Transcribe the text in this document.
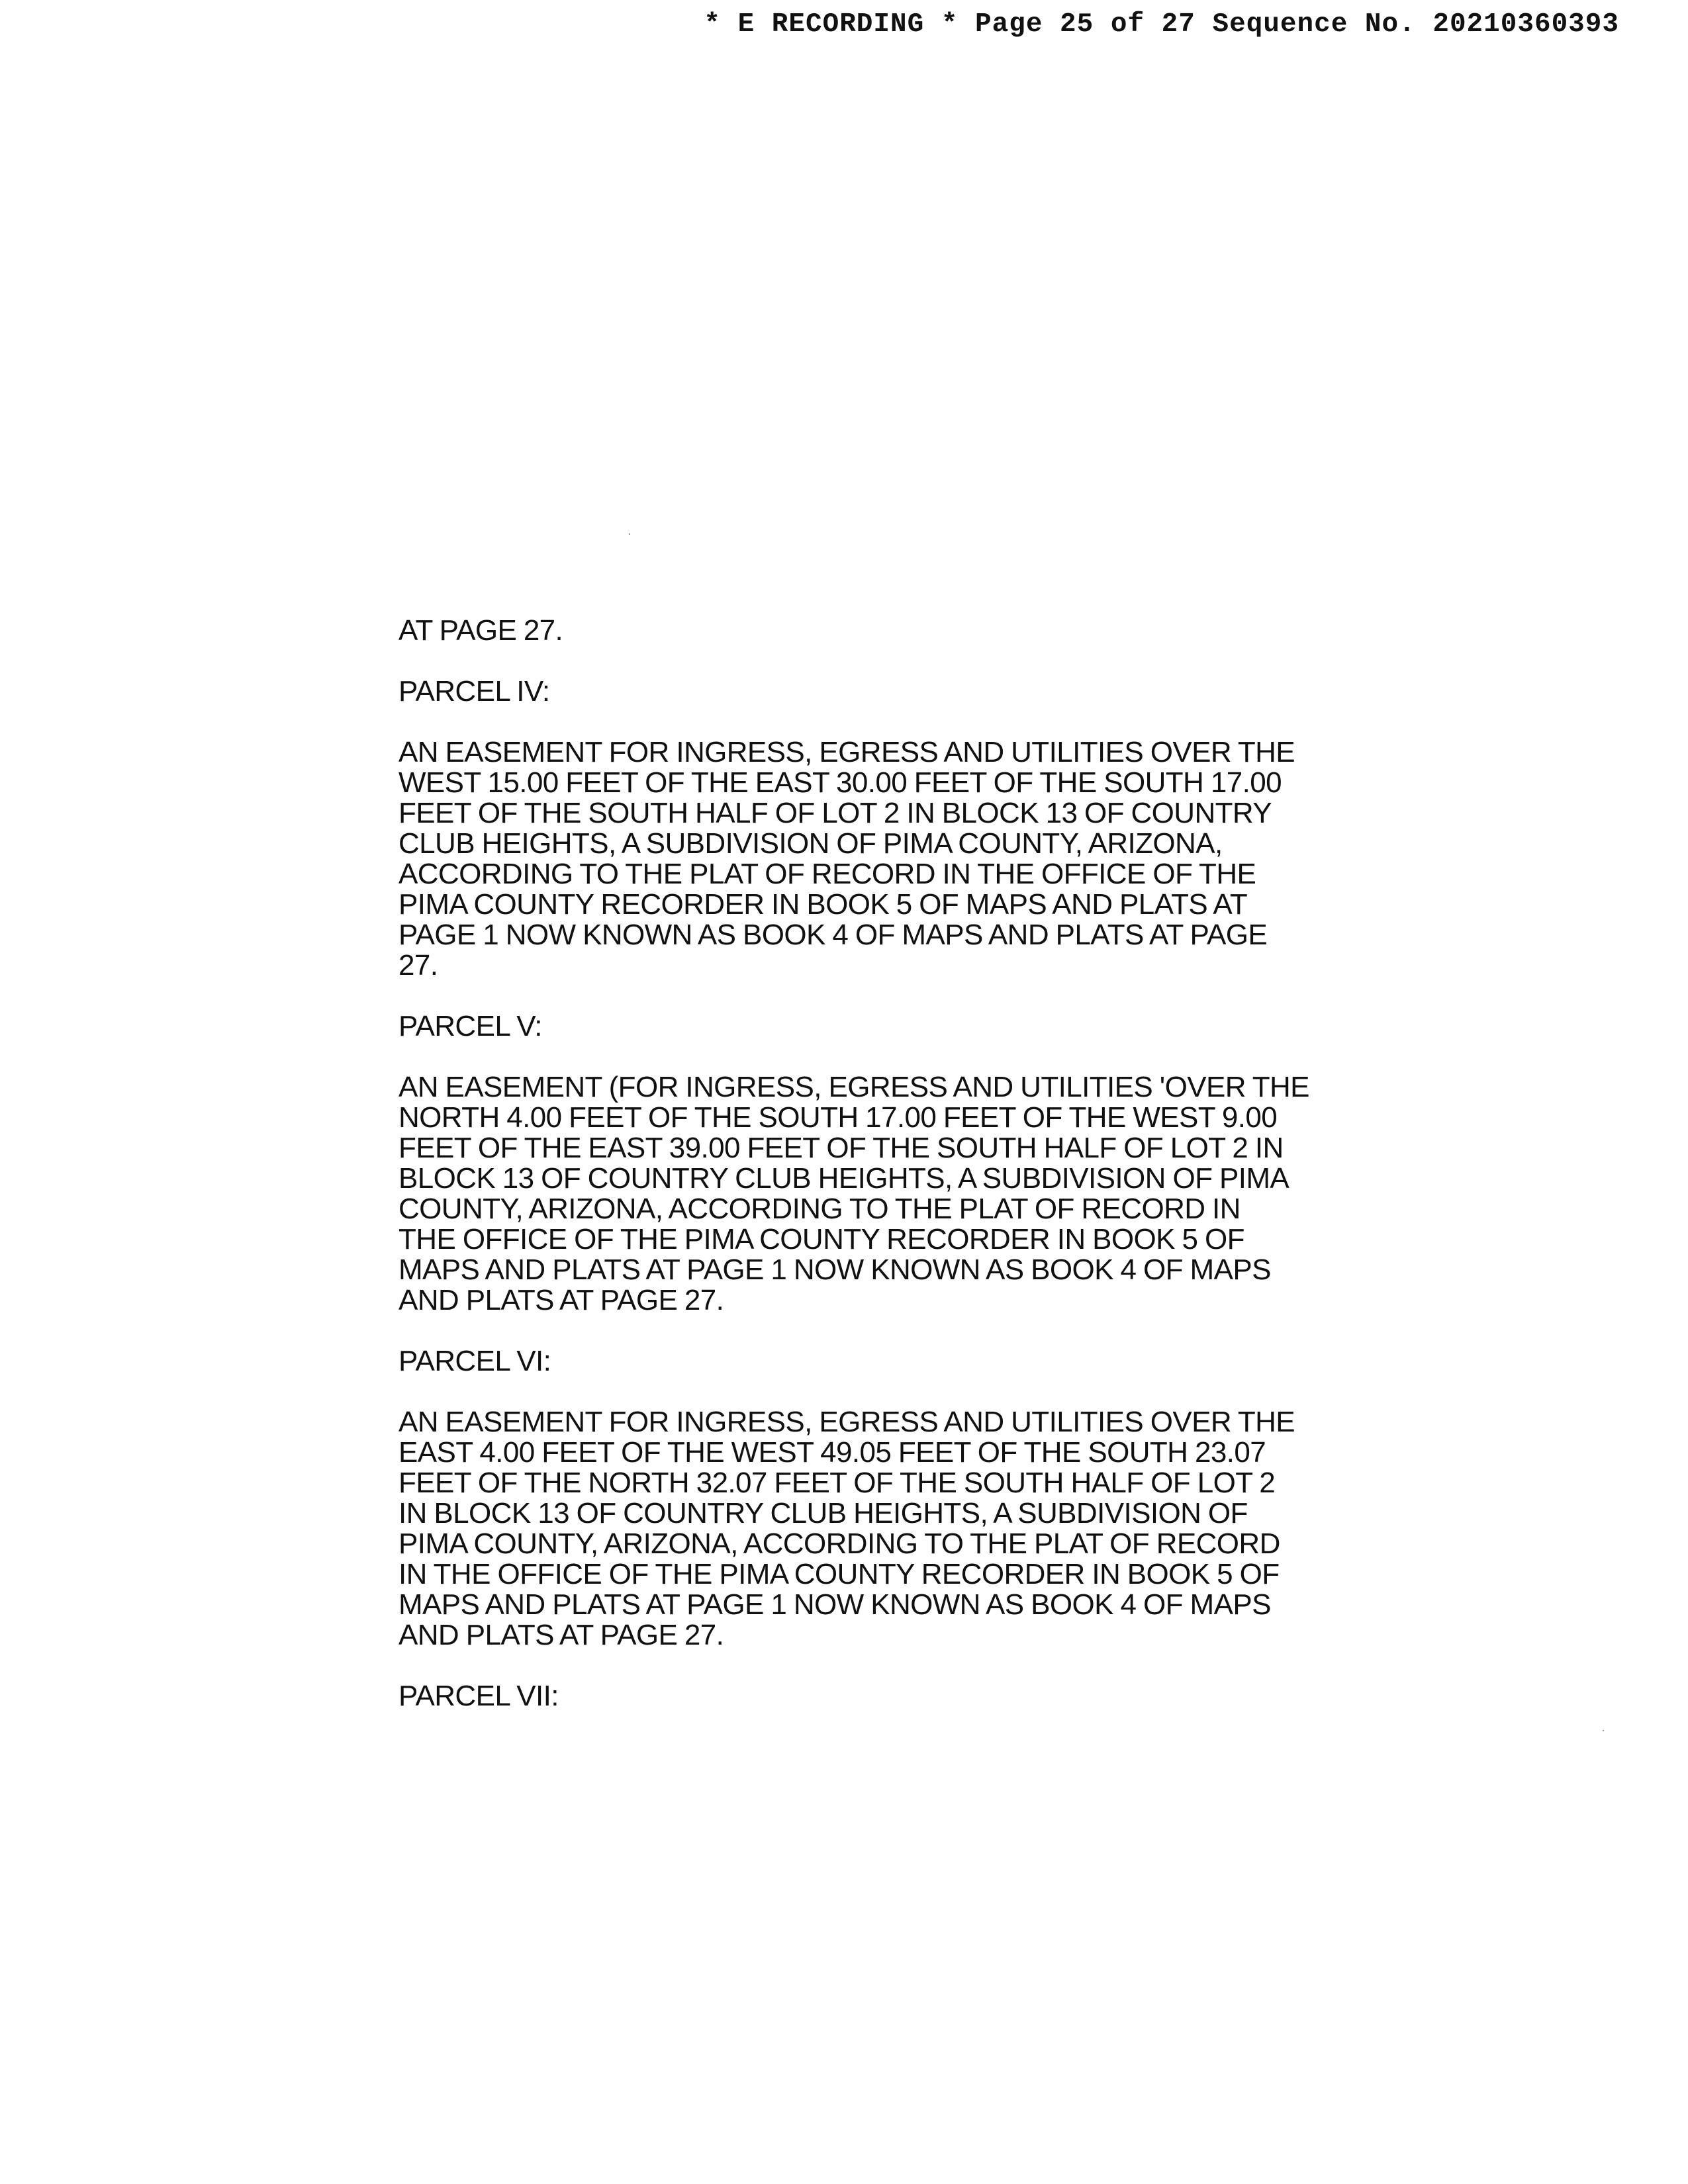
* E RECORDING * Page 25 of 27 Sequence No. 20210360393
AT PAGE 27.
PARCEL IV:
AN EASEMENT FOR INGRESS, EGRESS AND UTILITIES OVER THE
WEST 15.00 FEET OF THE EAST 30.00 FEET OF THE SOUTH 17.00
FEET OF THE SOUTH HALF OF LOT 2 IN BLOCK 13 OF COUNTRY
CLUB HEIGHTS, A SUBDIVISION OF PIMA COUNTY, ARIZONA,
ACCORDING TO THE PLAT OF RECORD IN THE OFFICE OF THE
PIMA COUNTY RECORDER IN BOOK 5 OF MAPS AND PLATS AT
PAGE 1 NOW KNOWN AS BOOK 4 OF MAPS AND PLATS AT PAGE
27.
PARCEL V:
AN EASEMENT (FOR INGRESS, EGRESS AND UTILITIES 'OVER THE
NORTH 4.00 FEET OF THE SOUTH 17.00 FEET OF THE WEST 9.00
FEET OF THE EAST 39.00 FEET OF THE SOUTH HALF OF LOT 2 IN
BLOCK 13 OF COUNTRY CLUB HEIGHTS, A SUBDIVISION OF PIMA
COUNTY, ARIZONA, ACCORDING TO THE PLAT OF RECORD IN
THE OFFICE OF THE PIMA COUNTY RECORDER IN BOOK 5 OF
MAPS AND PLATS AT PAGE 1 NOW KNOWN AS BOOK 4 OF MAPS
AND PLATS AT PAGE 27.
PARCEL VI:
AN EASEMENT FOR INGRESS, EGRESS AND UTILITIES OVER THE
EAST 4.00 FEET OF THE WEST 49.05 FEET OF THE SOUTH 23.07
FEET OF THE NORTH 32.07 FEET OF THE SOUTH HALF OF LOT 2
IN BLOCK 13 OF COUNTRY CLUB HEIGHTS, A SUBDIVISION OF
PIMA COUNTY, ARIZONA, ACCORDING TO THE PLAT OF RECORD
IN THE OFFICE OF THE PIMA COUNTY RECORDER IN BOOK 5 OF
MAPS AND PLATS AT PAGE 1 NOW KNOWN AS BOOK 4 OF MAPS
AND PLATS AT PAGE 27.
PARCEL VII:
